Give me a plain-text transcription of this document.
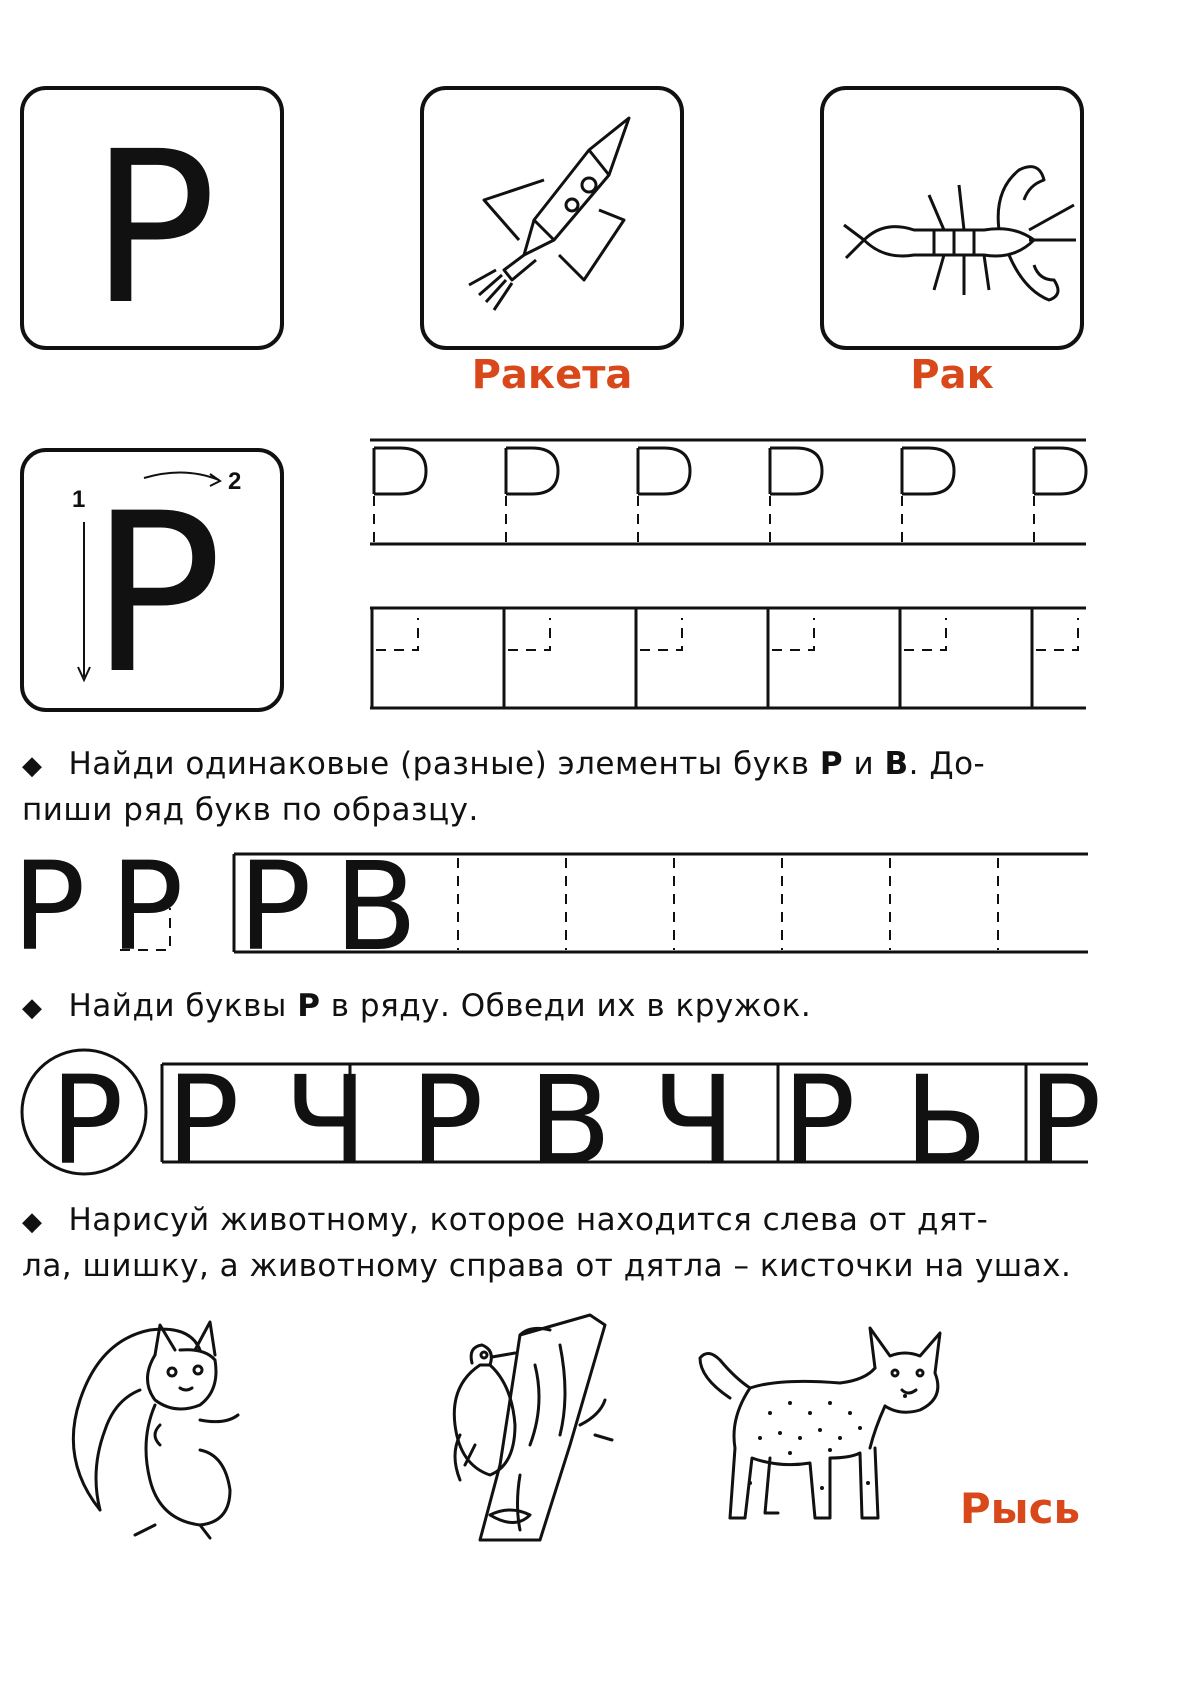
Р
Ракета	Рак
Р
1
2
◆ Найди одинаковые (разные) элементы букв Р и В. До-
пиши ряд букв по образцу.
Р Р Р В
◆ Найди буквы Р в ряду. Обведи их в кружок.
Р Р Ч Р В Ч Р Ь Р
◆ Нарисуй животному, которое находится слева от дят-
ла, шишку, а животному справа от дятла – кисточки на ушах.
Рысь
